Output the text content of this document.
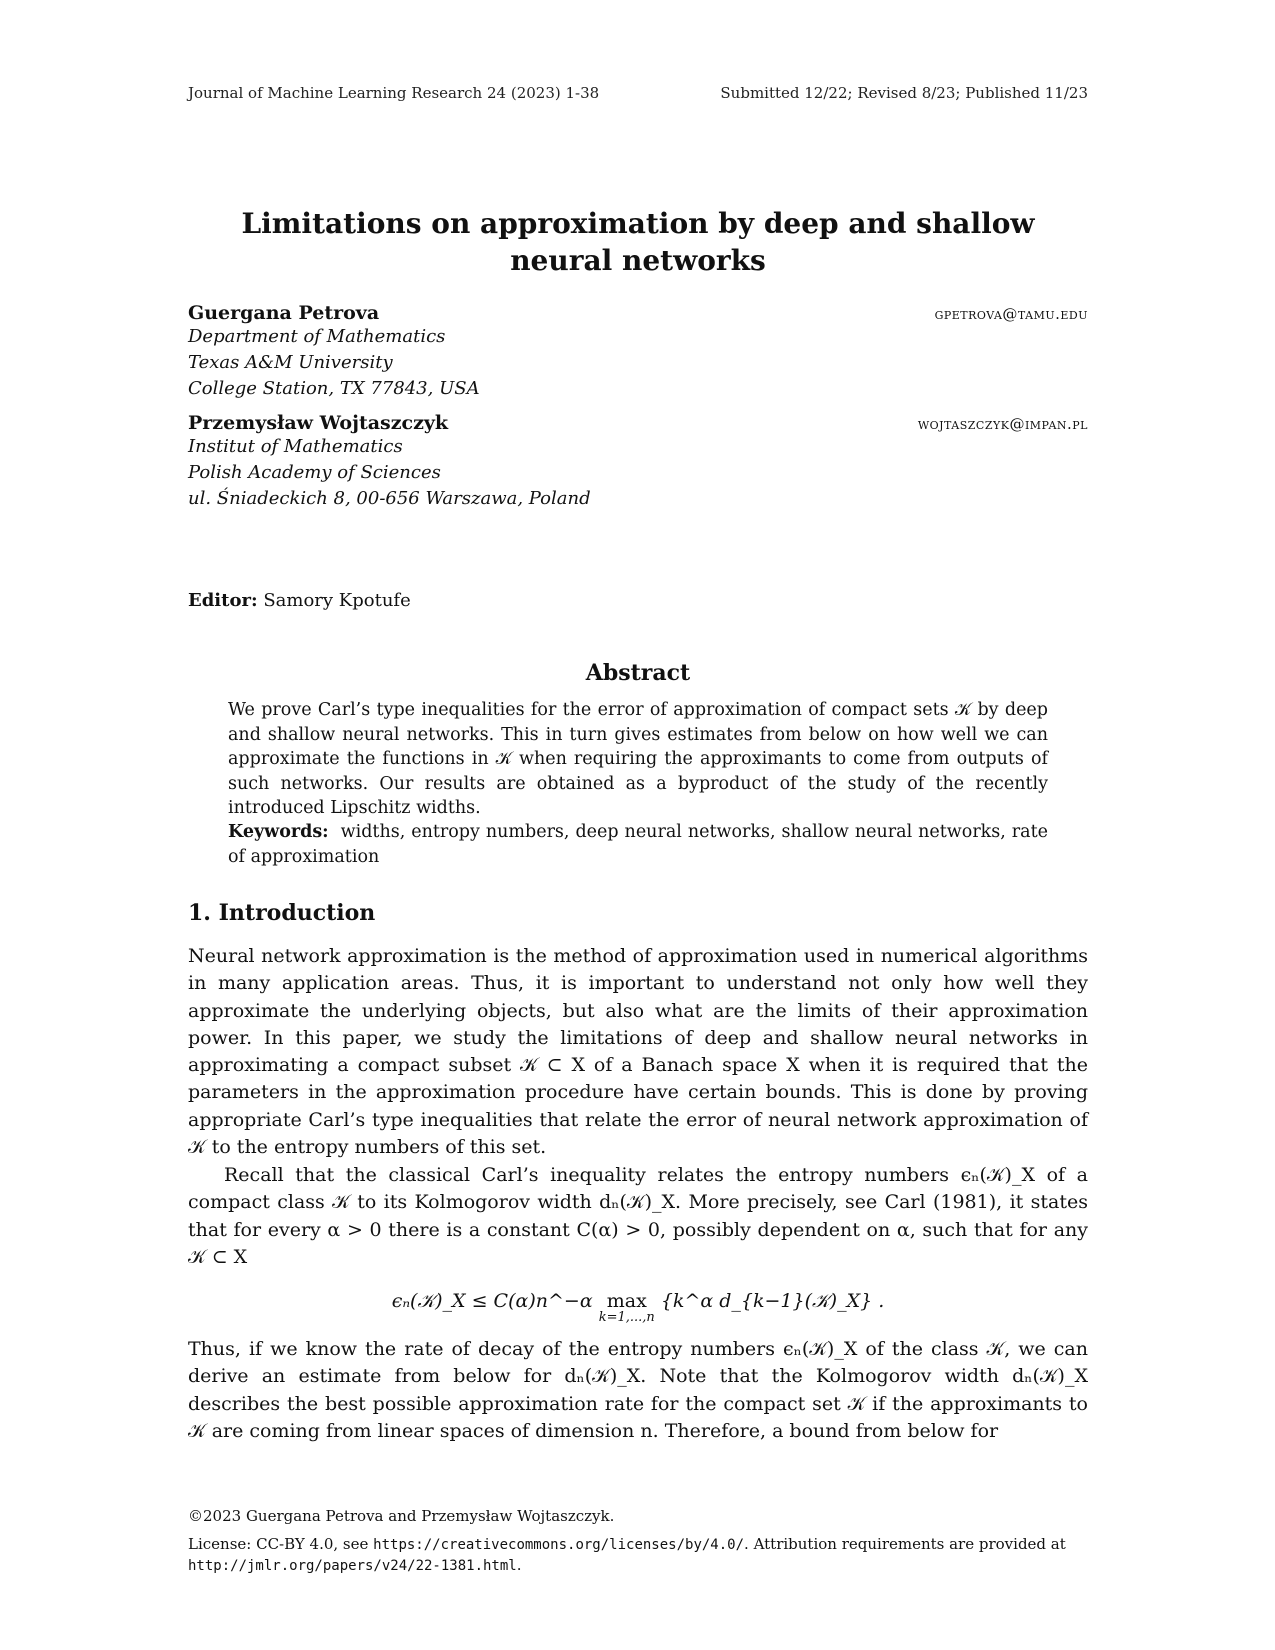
Journal of Machine Learning Research 24 (2023) 1-38	Submitted 12/22; Revised 8/23; Published 11/23
Limitations on approximation by deep and shallow neural networks
Guergana Petrova	gpetrova@tamu.edu
Department of Mathematics
Texas A&M University
College Station, TX 77843, USA
Przemysław Wojtaszczyk	wojtaszczyk@impan.pl
Institut of Mathematics
Polish Academy of Sciences
ul. Śniadeckich 8, 00-656 Warszawa, Poland
Editor: Samory Kpotufe
Abstract
We prove Carl’s type inequalities for the error of approximation of compact sets 𝒦 by deep and shallow neural networks. This in turn gives estimates from below on how well we can approximate the functions in 𝒦 when requiring the approximants to come from outputs of such networks. Our results are obtained as a byproduct of the study of the recently introduced Lipschitz widths.
Keywords: widths, entropy numbers, deep neural networks, shallow neural networks, rate of approximation
1. Introduction
Neural network approximation is the method of approximation used in numerical algorithms in many application areas. Thus, it is important to understand not only how well they approximate the underlying objects, but also what are the limits of their approximation power. In this paper, we study the limitations of deep and shallow neural networks in approximating a compact subset 𝒦 ⊂ X of a Banach space X when it is required that the parameters in the approximation procedure have certain bounds. This is done by proving appropriate Carl’s type inequalities that relate the error of neural network approximation of 𝒦 to the entropy numbers of this set.
Recall that the classical Carl’s inequality relates the entropy numbers ϵₙ(𝒦)_X of a compact class 𝒦 to its Kolmogorov width dₙ(𝒦)_X. More precisely, see Carl (1981), it states that for every α > 0 there is a constant C(α) > 0, possibly dependent on α, such that for any 𝒦 ⊂ X
ϵₙ(𝒦)_X ≤ C(α)n^−α max
k=1,...,n
{k^α d_{k−1}(𝒦)_X} .
Thus, if we know the rate of decay of the entropy numbers ϵₙ(𝒦)_X of the class 𝒦, we can derive an estimate from below for dₙ(𝒦)_X. Note that the Kolmogorov width dₙ(𝒦)_X describes the best possible approximation rate for the compact set 𝒦 if the approximants to 𝒦 are coming from linear spaces of dimension n. Therefore, a bound from below for
©2023 Guergana Petrova and Przemysław Wojtaszczyk.
License: CC-BY 4.0, see https://creativecommons.org/licenses/by/4.0/. Attribution requirements are provided at http://jmlr.org/papers/v24/22-1381.html.
